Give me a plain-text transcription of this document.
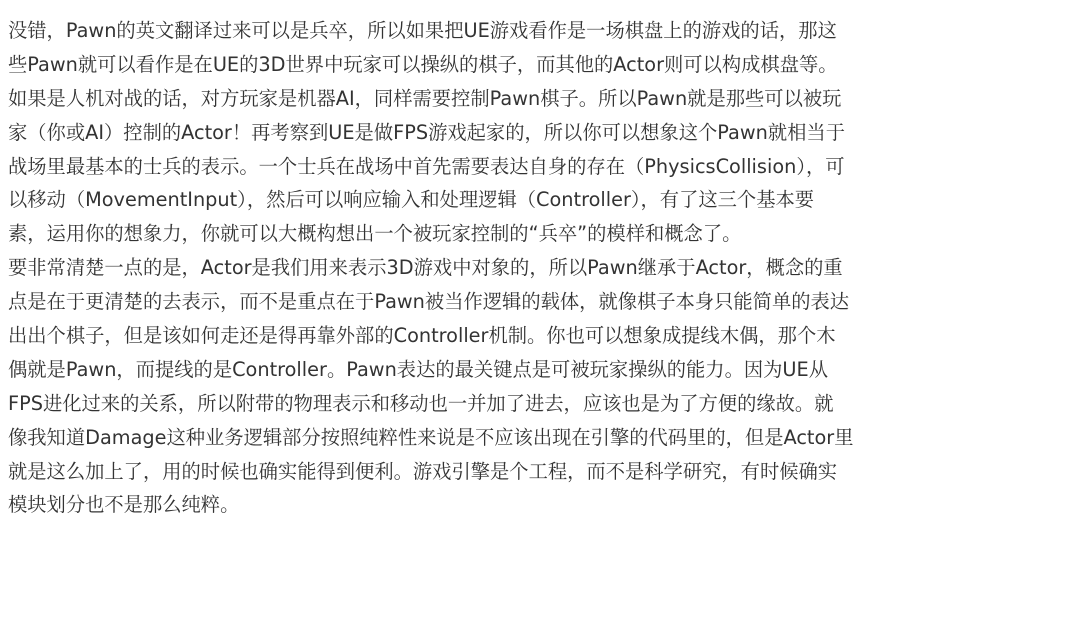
没错，Pawn的英文翻译过来可以是兵卒，所以如果把UE游戏看作是一场棋盘上的游戏的话，那这
些Pawn就可以看作是在UE的3D世界中玩家可以操纵的棋子，而其他的Actor则可以构成棋盘等。
如果是人机对战的话，对方玩家是机器AI，同样需要控制Pawn棋子。所以Pawn就是那些可以被玩
家（你或AI）控制的Actor！再考察到UE是做FPS游戏起家的，所以你可以想象这个Pawn就相当于
战场里最基本的士兵的表示。一个士兵在战场中首先需要表达自身的存在（PhysicsCollision），可
以移动（MovementInput），然后可以响应输入和处理逻辑（Controller），有了这三个基本要
素，运用你的想象力，你就可以大概构想出一个被玩家控制的“兵卒”的模样和概念了。

要非常清楚一点的是，Actor是我们用来表示3D游戏中对象的，所以Pawn继承于Actor，概念的重
点是在于更清楚的去表示，而不是重点在于Pawn被当作逻辑的载体，就像棋子本身只能简单的表达
出出个棋子，但是该如何走还是得再靠外部的Controller机制。你也可以想象成提线木偶，那个木
偶就是Pawn，而提线的是Controller。Pawn表达的最关键点是可被玩家操纵的能力。因为UE从
FPS进化过来的关系，所以附带的物理表示和移动也一并加了进去，应该也是为了方便的缘故。就
像我知道Damage这种业务逻辑部分按照纯粹性来说是不应该出现在引擎的代码里的，但是Actor里
就是这么加上了，用的时候也确实能得到便利。游戏引擎是个工程，而不是科学研究，有时候确实
模块划分也不是那么纯粹。
